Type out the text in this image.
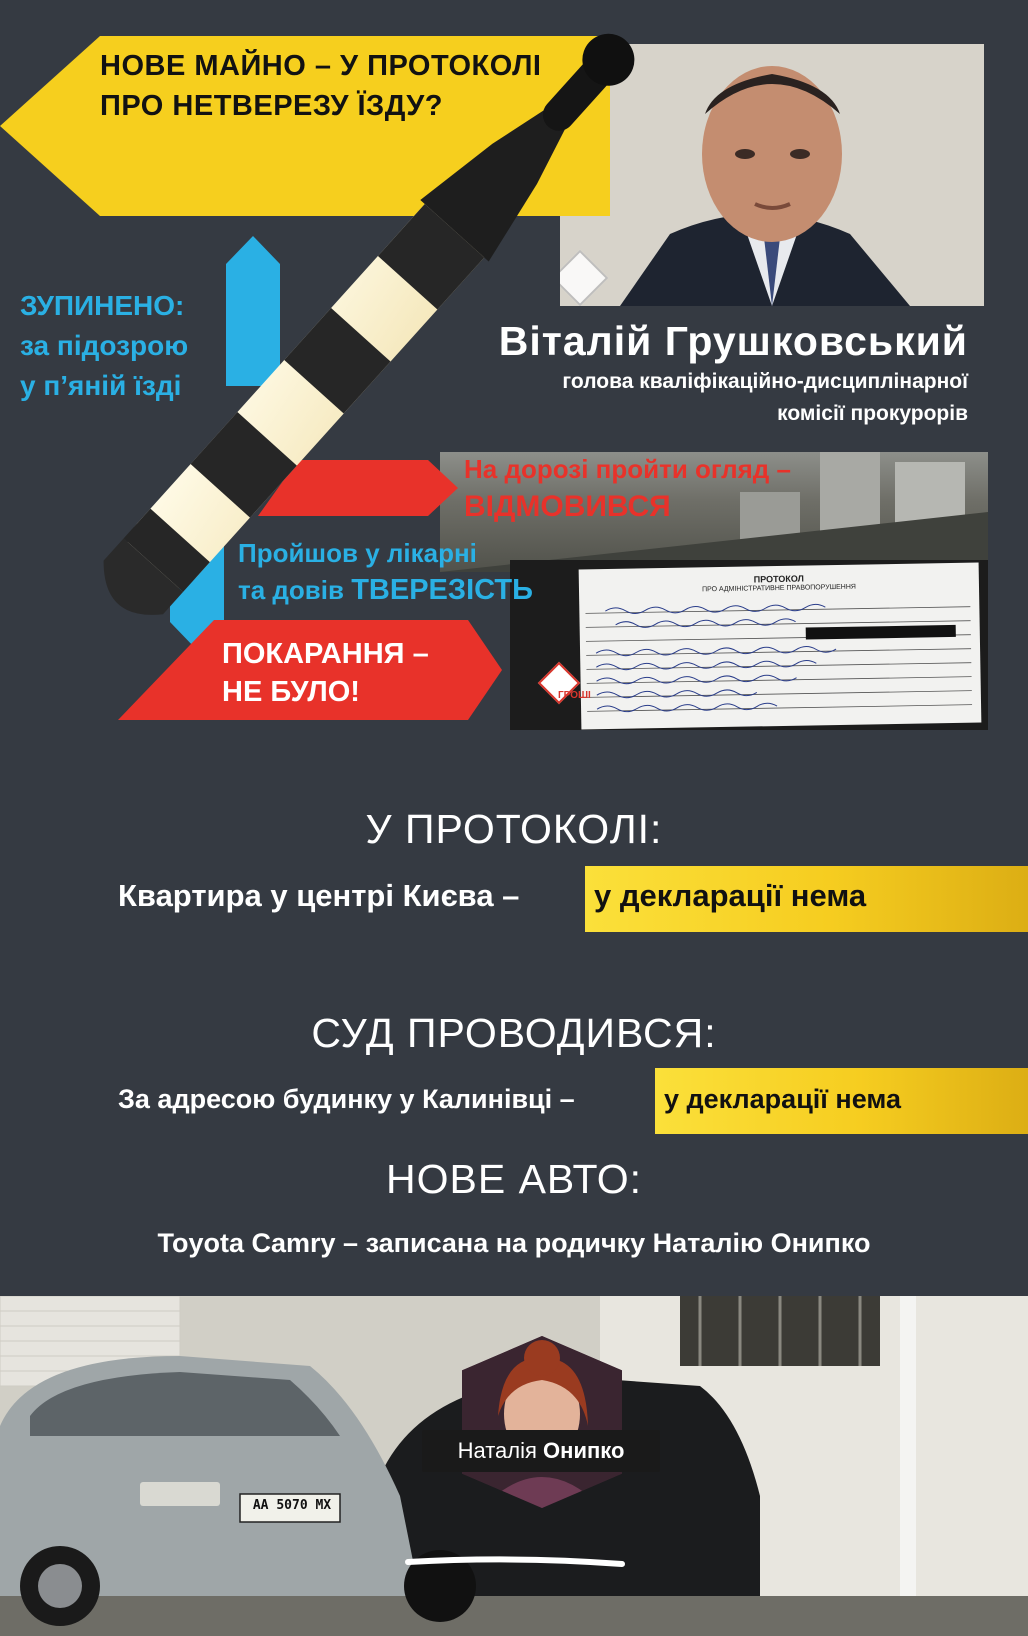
ПРОТОКОЛ
ПРО АДМІНІСТРАТИВНЕ ПРАВОПОРУШЕННЯ
ГРОШІ
НОВЕ МАЙНО – У ПРОТОКОЛІ
ПРО НЕТВЕРЕЗУ ЇЗДУ?
ЗУПИНЕНО:
за підозрою
у п’яній їзді
Віталій Грушковський
голова кваліфікаційно-дисциплінарної
комісії прокурорів
На дорозі пройти огляд –
ВІДМОВИВСЯ
Пройшов у лікарні
та довів ТВЕРЕЗІСТЬ
ПОКАРАННЯ –
НЕ БУЛО!
У ПРОТОКОЛІ:
Квартира у центрі Києва – у декларації нема
СУД ПРОВОДИВСЯ:
За адресою будинку у Калинівці –	у декларації нема
НОВЕ АВТО:
Toyota Camry – записана на родичку Наталію Онипко
AA 5070 MX
Наталія Онипко
